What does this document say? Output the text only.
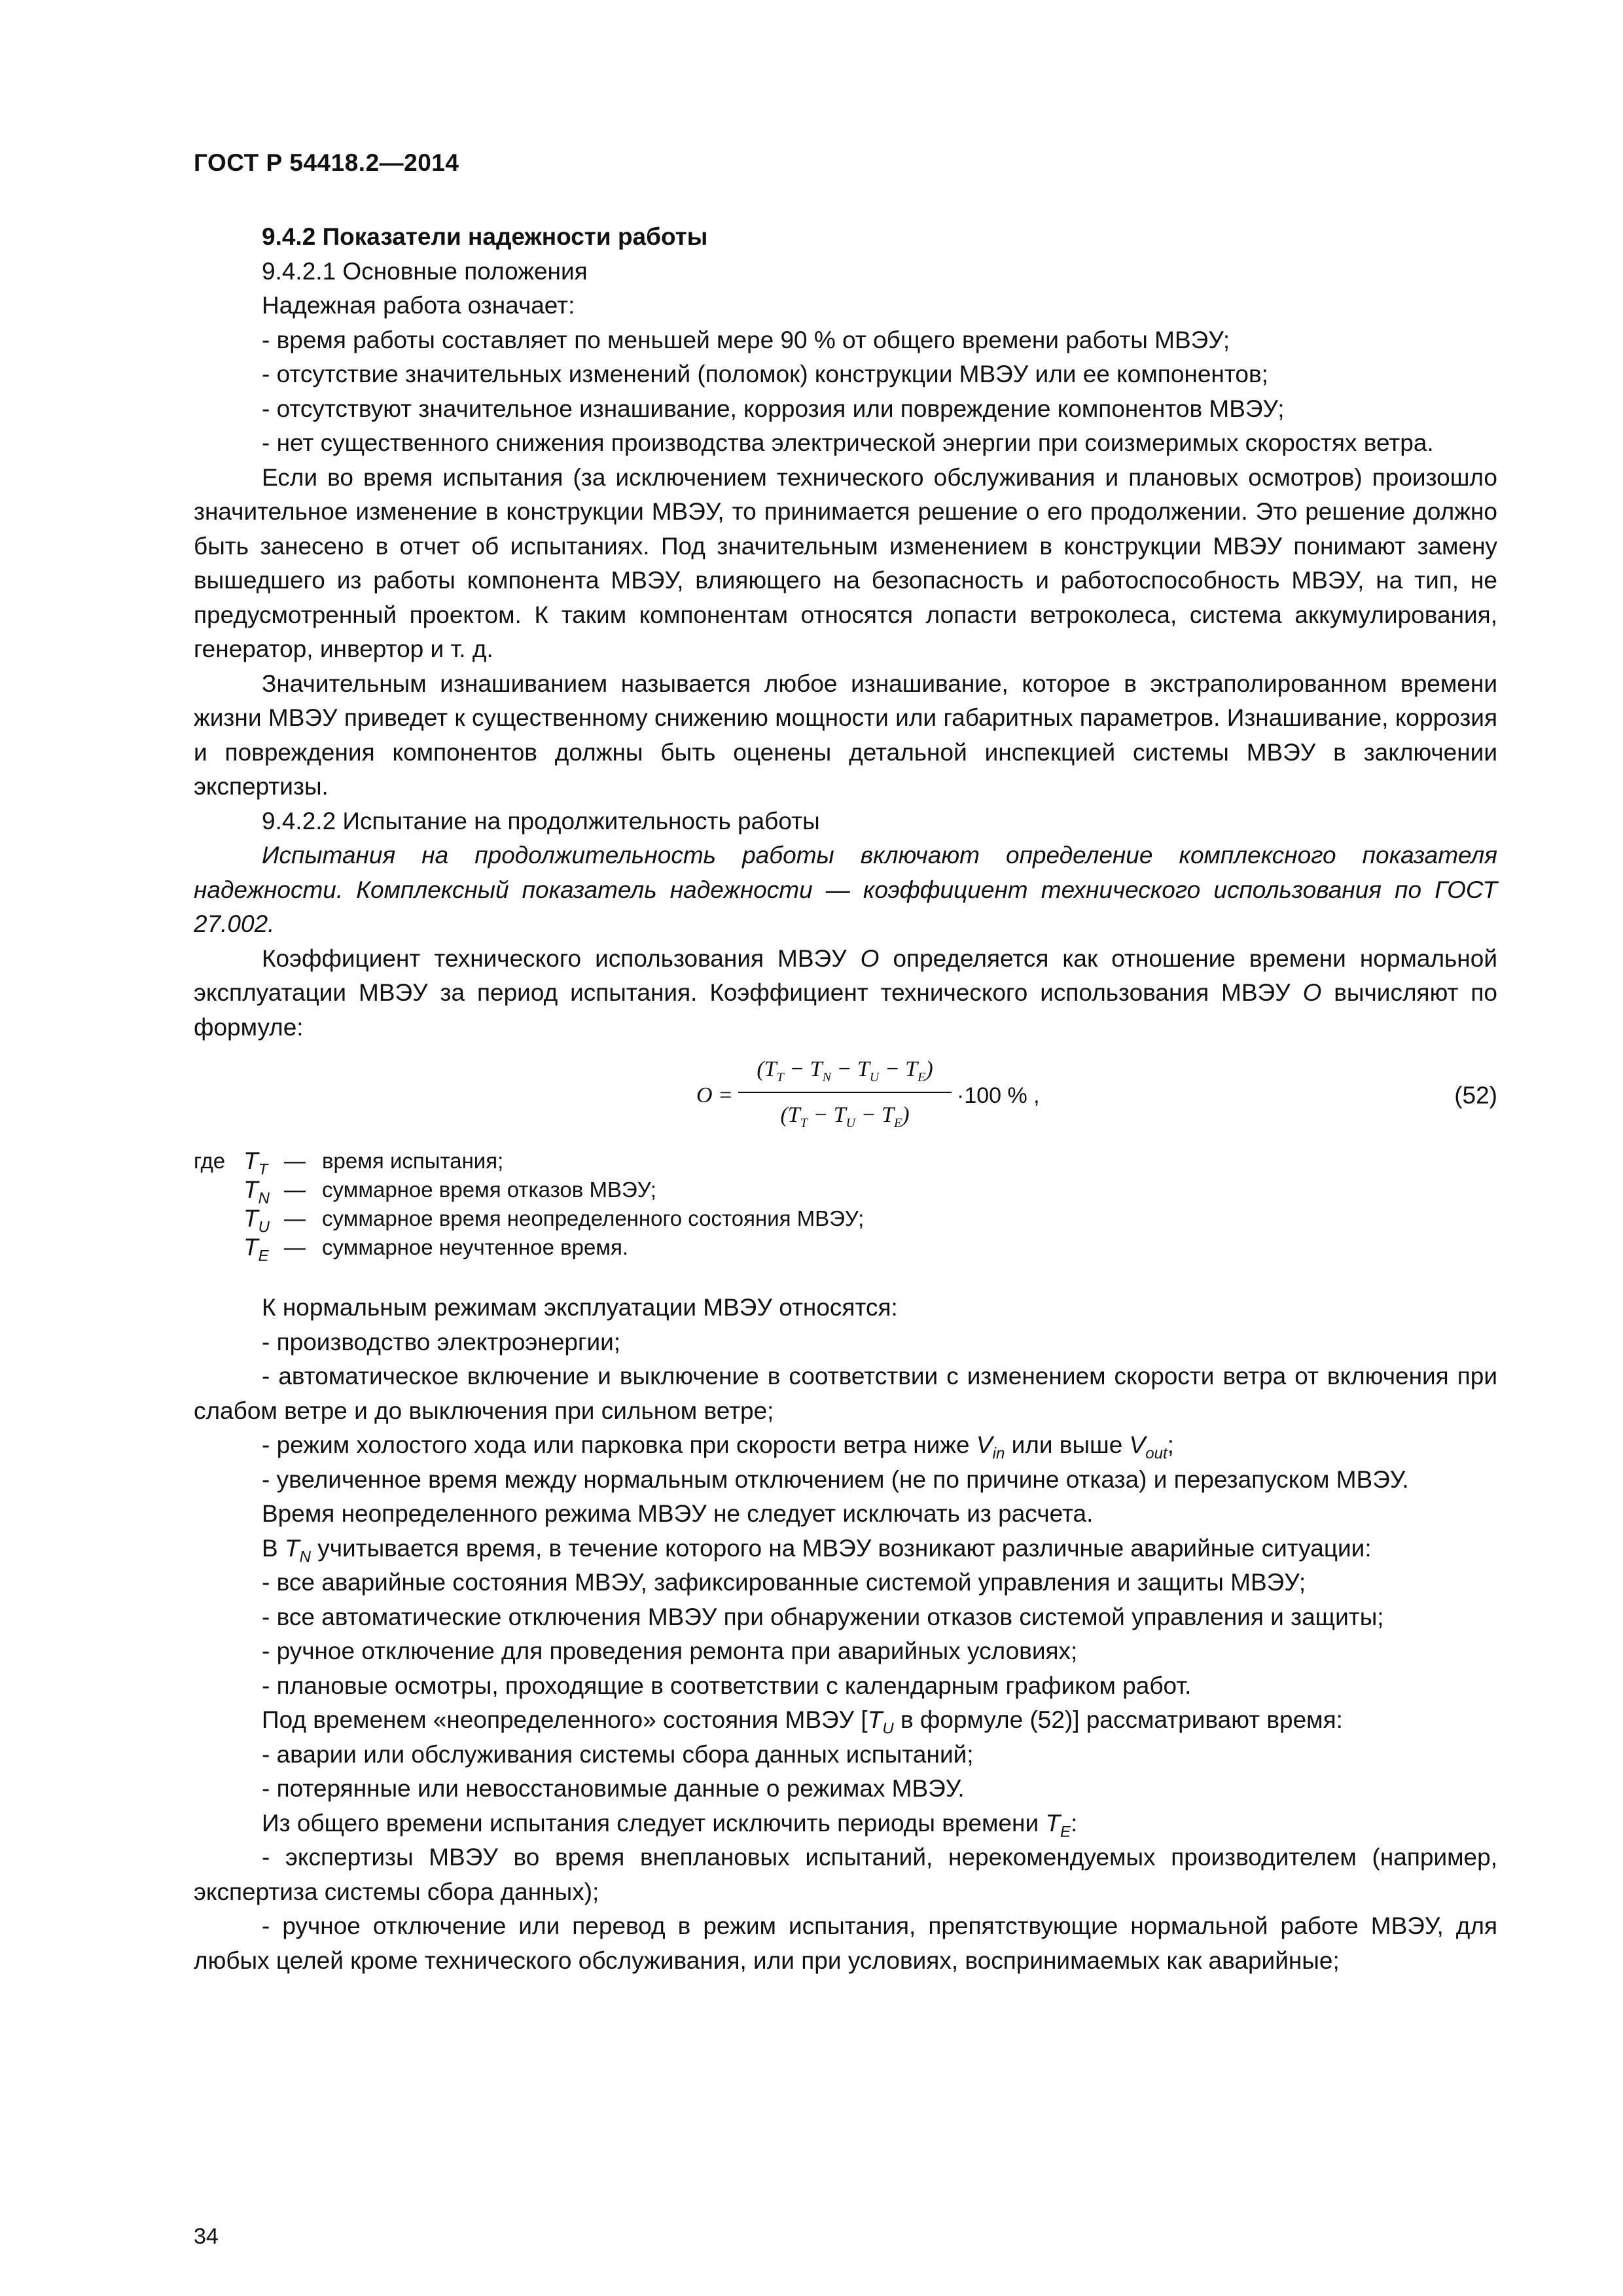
ГОСТ Р 54418.2—2014

9.4.2 Показатели надежности работы

9.4.2.1 Основные положения

Надежная работа означает:

- время работы составляет по меньшей мере 90 % от общего времени работы МВЭУ;

- отсутствие значительных изменений (поломок) конструкции МВЭУ или ее компонентов;

- отсутствуют значительное изнашивание, коррозия или повреждение компонентов МВЭУ;

- нет существенного снижения производства электрической энергии при соизмеримых скоростях ветра.

Если во время испытания (за исключением технического обслуживания и плановых осмотров) произошло значительное изменение в конструкции МВЭУ, то принимается решение о его продолжении. Это решение должно быть занесено в отчет об испытаниях. Под значительным изменением в конструкции МВЭУ понимают замену вышедшего из работы компонента МВЭУ, влияющего на безопасность и работоспособность МВЭУ, на тип, не предусмотренный проектом. К таким компонентам относятся лопасти ветроколеса, система аккумулирования, генератор, инвертор и т. д.

Значительным изнашиванием называется любое изнашивание, которое в экстраполированном времени жизни МВЭУ приведет к существенному снижению мощности или габаритных параметров. Изнашивание, коррозия и повреждения компонентов должны быть оценены детальной инспекцией системы МВЭУ в заключении экспертизы.

9.4.2.2 Испытание на продолжительность работы

Испытания на продолжительность работы включают определение комплексного показателя надежности. Комплексный показатель надежности — коэффициент технического использования по ГОСТ 27.002.

Коэффициент технического использования МВЭУ О определяется как отношение времени нормальной эксплуатации МВЭУ за период испытания. Коэффициент технического использования МВЭУ О вычисляют по формуле:

O =
$(T_T - T_N - T_U - T_E)$
$(T_T - T_U - T_E)$
·100 % ,	(52)
где $T_T$ — время испытания;
$T_N$ — суммарное время отказов МВЭУ;
$T_U$ — суммарное время неопределенного состояния МВЭУ;
$T_E$ — суммарное неучтенное время.

К нормальным режимам эксплуатации МВЭУ относятся:

- производство электроэнергии;

- автоматическое включение и выключение в соответствии с изменением скорости ветра от включения при слабом ветре и до выключения при сильном ветре;

- режим холостого хода или парковка при скорости ветра ниже $V_{in}$ или выше $V_{out}$;

- увеличенное время между нормальным отключением (не по причине отказа) и перезапуском МВЭУ.

Время неопределенного режима МВЭУ не следует исключать из расчета.

В $T_N$ учитывается время, в течение которого на МВЭУ возникают различные аварийные ситуации:

- все аварийные состояния МВЭУ, зафиксированные системой управления и защиты МВЭУ;

- все автоматические отключения МВЭУ при обнаружении отказов системой управления и защиты;

- ручное отключение для проведения ремонта при аварийных условиях;

- плановые осмотры, проходящие в соответствии с календарным графиком работ.

Под временем «неопределенного» состояния МВЭУ [$T_U$ в формуле (52)] рассматривают время:

- аварии или обслуживания системы сбора данных испытаний;

- потерянные или невосстановимые данные о режимах МВЭУ.

Из общего времени испытания следует исключить периоды времени $T_E$:

- экспертизы МВЭУ во время внеплановых испытаний, нерекомендуемых производителем (например, экспертиза системы сбора данных);

- ручное отключение или перевод в режим испытания, препятствующие нормальной работе МВЭУ, для любых целей кроме технического обслуживания, или при условиях, воспринимаемых как аварийные;

34
